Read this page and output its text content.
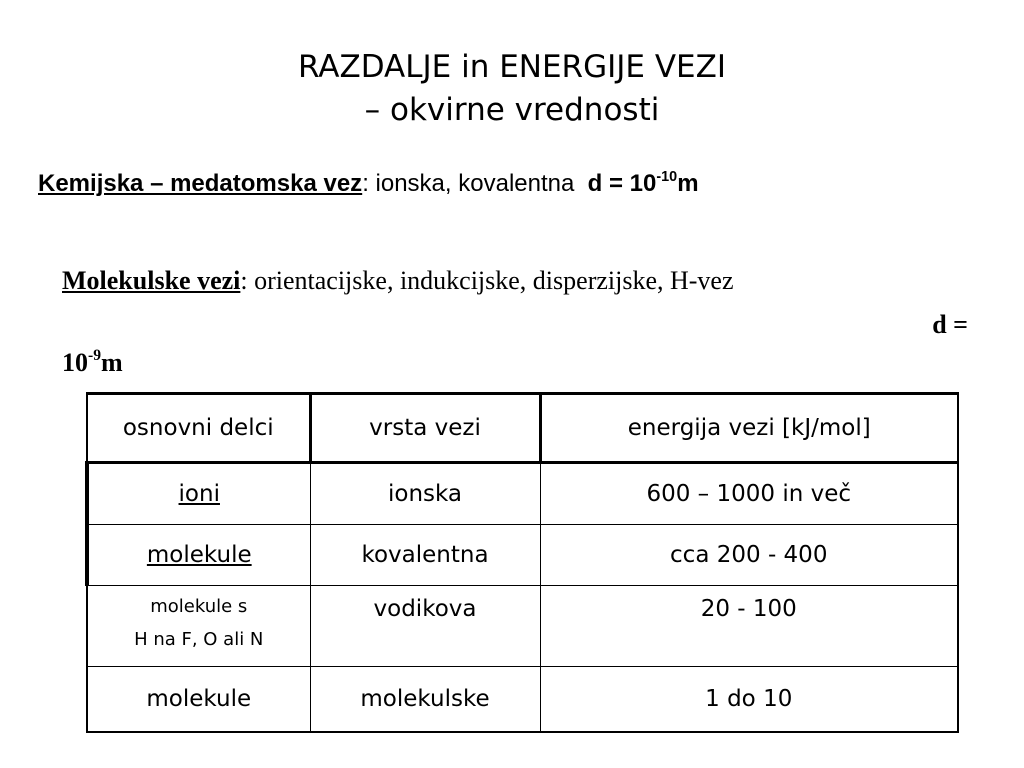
RAZDALJE in ENERGIJE VEZI
– okvirne vrednosti
Kemijska – medatomska vez: ionska, kovalentna $d = 10^{-10}m$
Molekulske vezi: orientacijske, indukcijske, disperzijske, H-vez
d =
$10^{-9}m$
osnovni delci	vrsta vezi	energija vezi [kJ/mol]
ioni	ionska	600 – 1000 in več
molekule	kovalentna	cca 200 - 400

molekule s
H na F, O ali N	vodikova	20 - 100
molekule	molekulske	1 do 10
